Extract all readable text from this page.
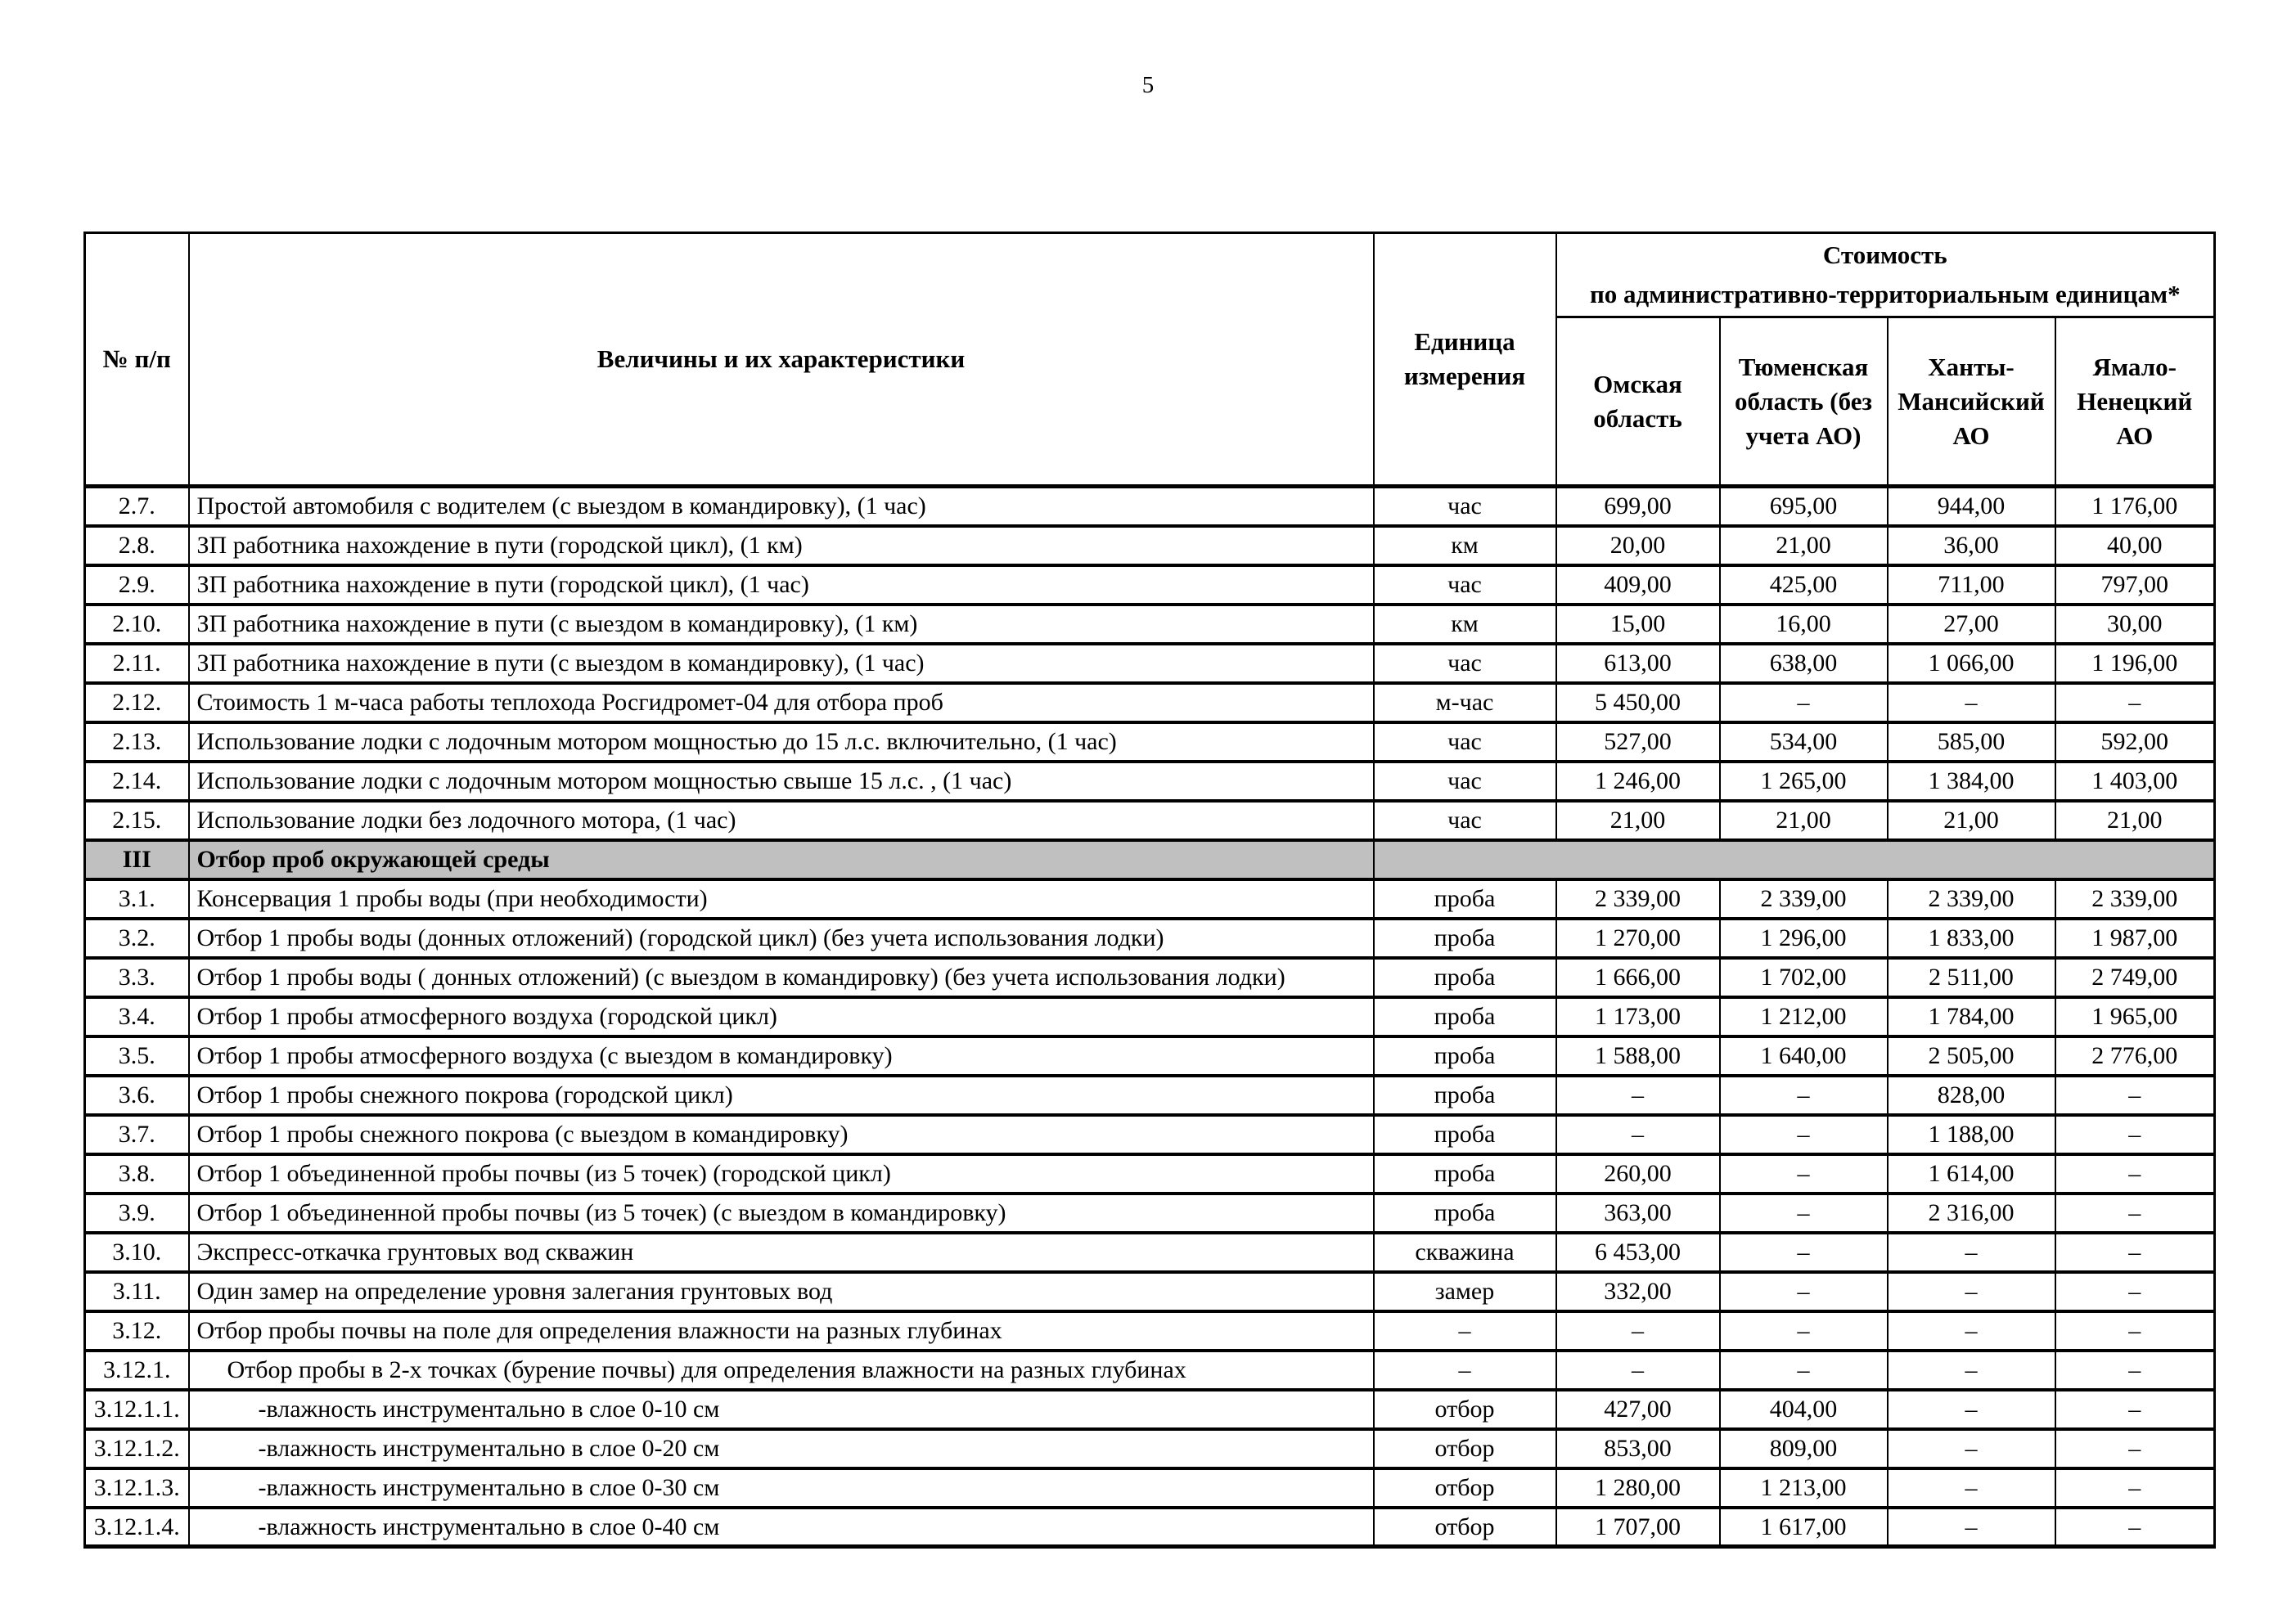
5
№ п/п	Величины и их характеристики	Единица измерения	Стоимость
по административно-территориальным единицам*			

			Омская область	Тюменская область (без учета АО)	Ханты-Мансийский АО	Ямало-Ненецкий АО
2.7.	Простой автомобиля с водителем (с выездом в командировку), (1 час)	час	699,00	695,00	944,00	1 176,00
2.8.	ЗП работника нахождение в пути (городской цикл), (1 км)	км	20,00	21,00	36,00	40,00
2.9.	ЗП работника нахождение в пути (городской цикл), (1 час)	час	409,00	425,00	711,00	797,00
2.10.	ЗП работника нахождение в пути (с выездом в командировку), (1 км)	км	15,00	16,00	27,00	30,00
2.11.	ЗП работника нахождение в пути (с выездом в командировку), (1 час)	час	613,00	638,00	1 066,00	1 196,00
2.12.	Стоимость 1 м-часа работы теплохода Росгидромет-04 для отбора проб	м-час	5 450,00	–	–	–
2.13.	Использование лодки с лодочным мотором мощностью до 15 л.с. включительно, (1 час)	час	527,00	534,00	585,00	592,00
2.14.	Использование лодки с лодочным мотором мощностью свыше 15 л.с. , (1 час)	час	1 246,00	1 265,00	1 384,00	1 403,00
2.15.	Использование лодки без лодочного мотора, (1 час)	час	21,00	21,00	21,00	21,00
III	Отбор проб окружающей среды					
3.1.	Консервация 1 пробы воды (при необходимости)	проба	2 339,00	2 339,00	2 339,00	2 339,00
3.2.	Отбор 1 пробы воды (донных отложений) (городской цикл) (без учета использования лодки)	проба	1 270,00	1 296,00	1 833,00	1 987,00
3.3.	Отбор 1 пробы воды ( донных отложений) (с выездом в командировку) (без учета использования лодки)	проба	1 666,00	1 702,00	2 511,00	2 749,00
3.4.	Отбор 1 пробы атмосферного воздуха (городской цикл)	проба	1 173,00	1 212,00	1 784,00	1 965,00
3.5.	Отбор 1 пробы атмосферного воздуха (с выездом в командировку)	проба	1 588,00	1 640,00	2 505,00	2 776,00
3.6.	Отбор 1 пробы снежного покрова (городской цикл)	проба	–	–	828,00	–
3.7.	Отбор 1 пробы снежного покрова (с выездом в командировку)	проба	–	–	1 188,00	–
3.8.	Отбор 1 объединенной пробы почвы (из 5 точек) (городской цикл)	проба	260,00	–	1 614,00	–
3.9.	Отбор 1 объединенной пробы почвы (из 5 точек) (с выездом в командировку)	проба	363,00	–	2 316,00	–
3.10.	Экспресс-откачка грунтовых вод скважин	скважина	6 453,00	–	–	–
3.11.	Один замер на определение уровня залегания грунтовых вод	замер	332,00	–	–	–
3.12.	Отбор пробы почвы на поле для определения влажности на разных глубинах	–	–	–	–	–
3.12.1.	Отбор пробы в 2-х точках (бурение почвы) для определения влажности на разных глубинах	–	–	–	–	–
3.12.1.1.	-влажность инструментально в слое 0-10 см	отбор	427,00	404,00	–	–
3.12.1.2.	-влажность инструментально в слое 0-20 см	отбор	853,00	809,00	–	–
3.12.1.3.	-влажность инструментально в слое 0-30 см	отбор	1 280,00	1 213,00	–	–
3.12.1.4.	-влажность инструментально в слое 0-40 см	отбор	1 707,00	1 617,00	–	–
